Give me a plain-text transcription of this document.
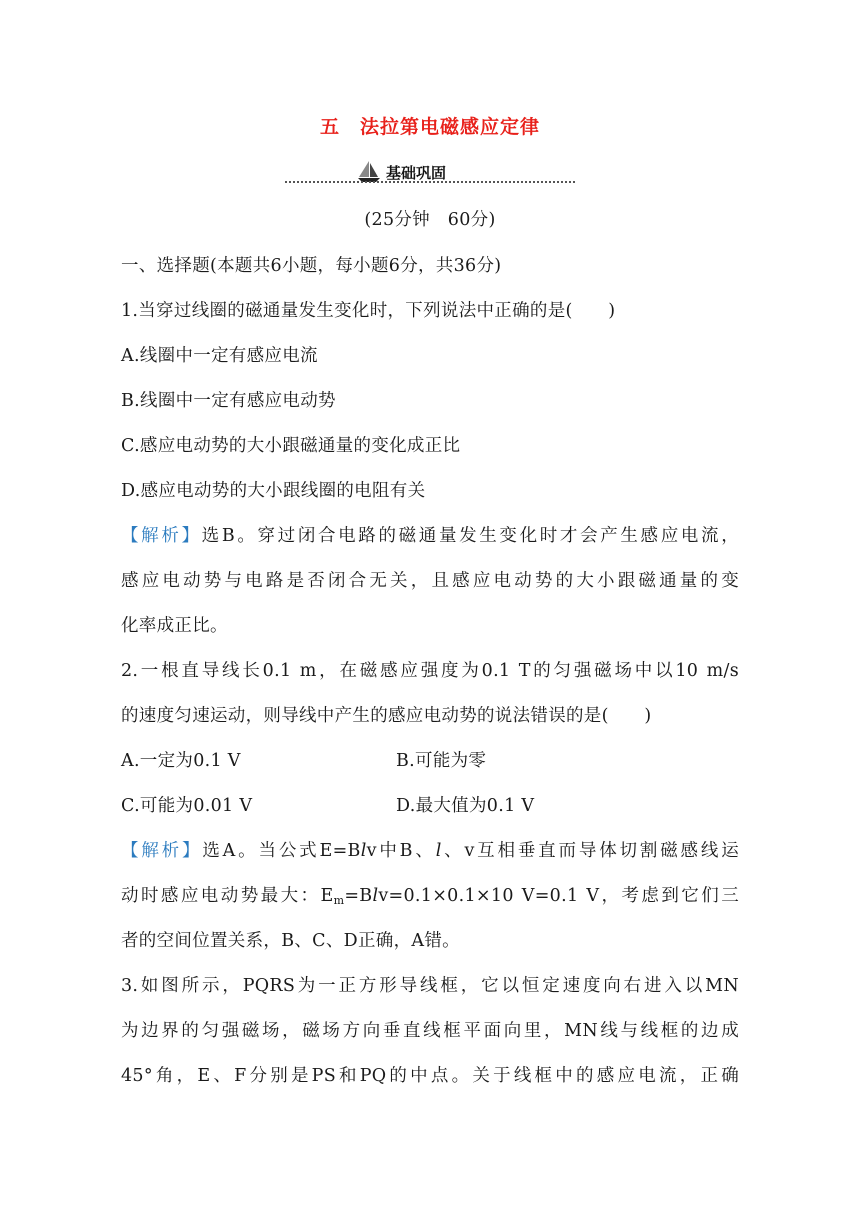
五　法拉第电磁感应定律
基础巩固
(25分钟　60分)
一、选择题(本题共6小题，每小题6分，共36分)
1.当穿过线圈的磁通量发生变化时，下列说法中正确的是(　　)
A.线圈中一定有感应电流
B.线圈中一定有感应电动势
C.感应电动势的大小跟磁通量的变化成正比
D.感应电动势的大小跟线圈的电阻有关
【解析】选B。穿过闭合电路的磁通量发生变化时才会产生感应电流，
感应电动势与电路是否闭合无关，且感应电动势的大小跟磁通量的变
化率成正比。
2.一根直导线长0.1 m，在磁感应强度为0.1 T的匀强磁场中以10 m/s
的速度匀速运动，则导线中产生的感应电动势的说法错误的是(　　)
A.一定为0.1 V	B.可能为零
C.可能为0.01 V	D.最大值为0.1 V
【解析】选A。当公式E=Blv中B、l、v互相垂直而导体切割磁感线运
动时感应电动势最大：$E_m=Blv=0.1\times 0.1\times 10$ V=0.1 V，考虑到它们三
者的空间位置关系，B、C、D正确，A错。
3.如图所示，PQRS为一正方形导线框，它以恒定速度向右进入以MN
为边界的匀强磁场，磁场方向垂直线框平面向里，MN线与线框的边成
45°角，E、F分别是PS和PQ的中点。关于线框中的感应电流，正确
